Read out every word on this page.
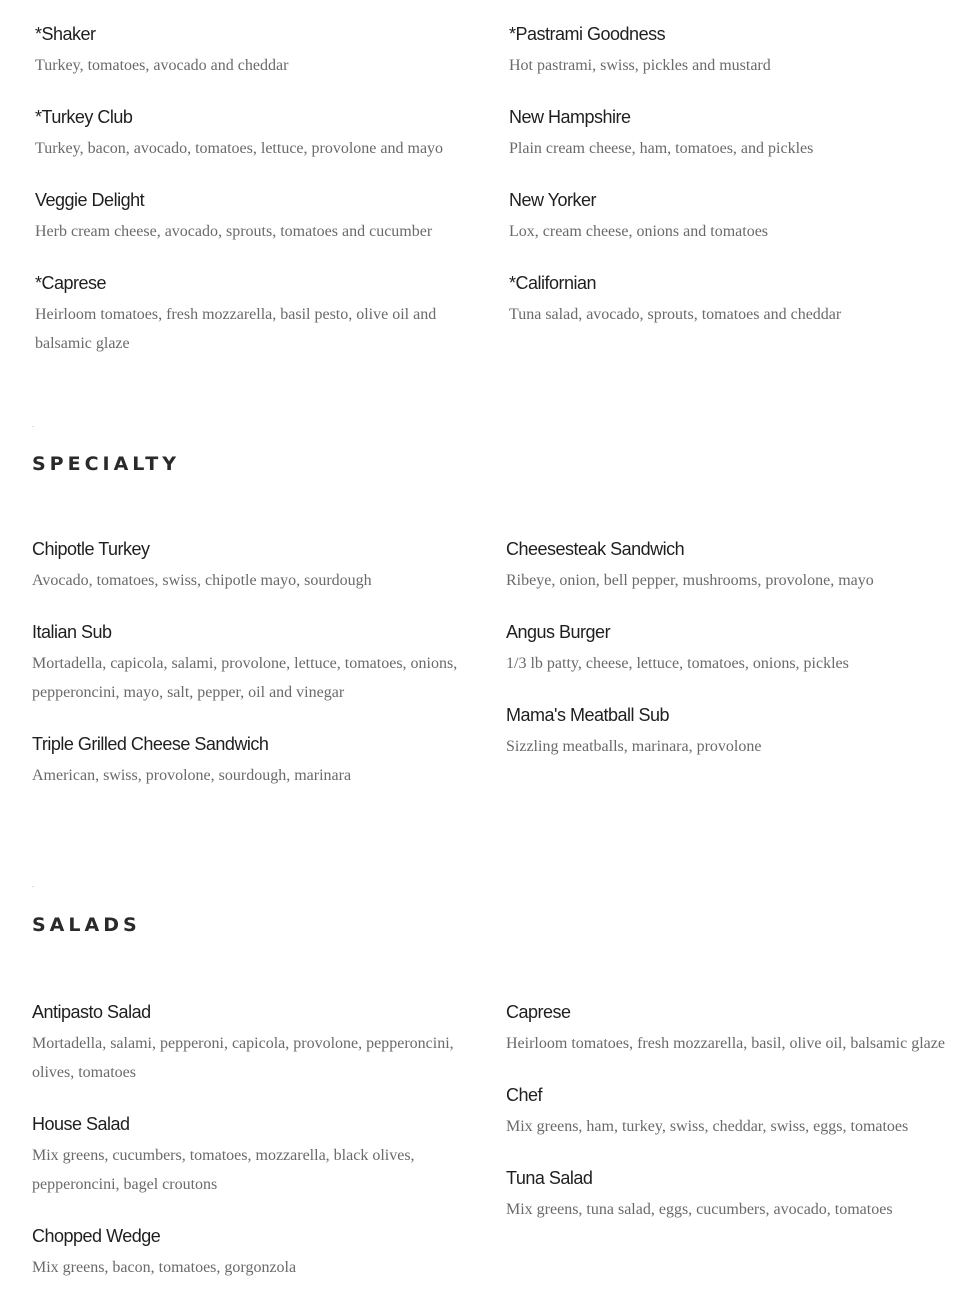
*Shaker
Turkey, tomatoes, avocado and cheddar
*Turkey Club
Turkey, bacon, avocado, tomatoes, lettuce, provolone and mayo
Veggie Delight
Herb cream cheese, avocado, sprouts, tomatoes and cucumber
*Caprese
Heirloom tomatoes, fresh mozzarella, basil pesto, olive oil and balsamic glaze
*Pastrami Goodness
Hot pastrami, swiss, pickles and mustard
New Hampshire
Plain cream cheese, ham, tomatoes, and pickles
New Yorker
Lox, cream cheese, onions and tomatoes
*Californian
Tuna salad, avocado, sprouts, tomatoes and cheddar
SPECIALTY
Chipotle Turkey
Avocado, tomatoes, swiss, chipotle mayo, sourdough
Italian Sub
Mortadella, capicola, salami, provolone, lettuce, tomatoes, onions, pepperoncini, mayo, salt, pepper, oil and vinegar
Triple Grilled Cheese Sandwich
American, swiss, provolone, sourdough, marinara
Cheesesteak Sandwich
Ribeye, onion, bell pepper, mushrooms, provolone, mayo
Angus Burger
1/3 lb patty, cheese, lettuce, tomatoes, onions, pickles
Mama's Meatball Sub
Sizzling meatballs, marinara, provolone
SALADS
Antipasto Salad
Mortadella, salami, pepperoni, capicola, provolone, pepperoncini, olives, tomatoes
House Salad
Mix greens, cucumbers, tomatoes, mozzarella, black olives, pepperoncini, bagel croutons
Chopped Wedge
Mix greens, bacon, tomatoes, gorgonzola
Caprese
Heirloom tomatoes, fresh mozzarella, basil, olive oil, balsamic glaze
Chef
Mix greens, ham, turkey, swiss, cheddar, swiss, eggs, tomatoes
Tuna Salad
Mix greens, tuna salad, eggs, cucumbers, avocado, tomatoes
